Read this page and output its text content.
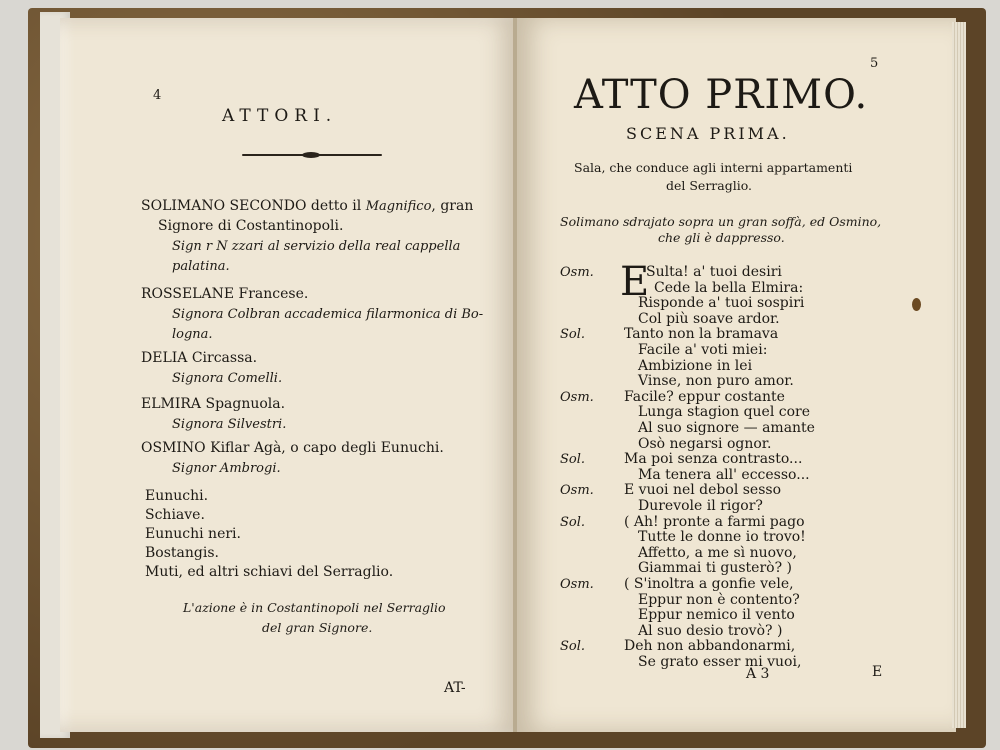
4
ATTORI.
SOLIMANO SECONDO detto il Magnifico, gran
Signore di Costantinopoli.
Sign r N zzari al servizio della real cappella
palatina.
ROSSELANE Francese.
Signora Colbran accademica filarmonica di Bo-
logna.
DELIA Circassa.
Signora Comelli.
ELMIRA Spagnuola.
Signora Silvestri.
OSMINO Kiflar Agà, o capo degli Eunuchi.
Signor Ambrogi.
Eunuchi.
Schiave.
Eunuchi neri.
Bostangis.
Muti, ed altri schiavi del Serraglio.
L'azione è in Costantinopoli nel Serraglio
del gran Signore.
AT-
5
ATTO PRIMO.
SCENA PRIMA.
Sala, che conduce agli interni appartamenti
del Serraglio.
Solimano sdrajato sopra un gran soffà, ed Osmino,
che gli è dappresso.
E
Osm.	Sulta! a' tuoi desiri
Cede la bella Elmira:
Risponde a' tuoi sospiri
Col più soave ardor.
Sol.	Tanto non la bramava
Facile a' voti miei:
Ambizione in lei
Vinse, non puro amor.
Osm. Facile? eppur costante
Lunga stagion quel core
Al suo signore — amante
Osò negarsi ognor.
Sol.	Ma poi senza contrasto...
Ma tenera all' eccesso...
Osm. E vuoi nel debol sesso
Durevole il rigor?
Sol.	( Ah! pronte a farmi pago
Tutte le donne io trovo!
Affetto, a me sì nuovo,
Giammai ti gusterò? )
Osm. ( S'inoltra a gonfie vele,
Eppur non è contento?
Eppur nemico il vento
Al suo desio trovò? )
Sol.	Deh non abbandonarmi,
Se grato esser mi vuoi,
A 3	E
